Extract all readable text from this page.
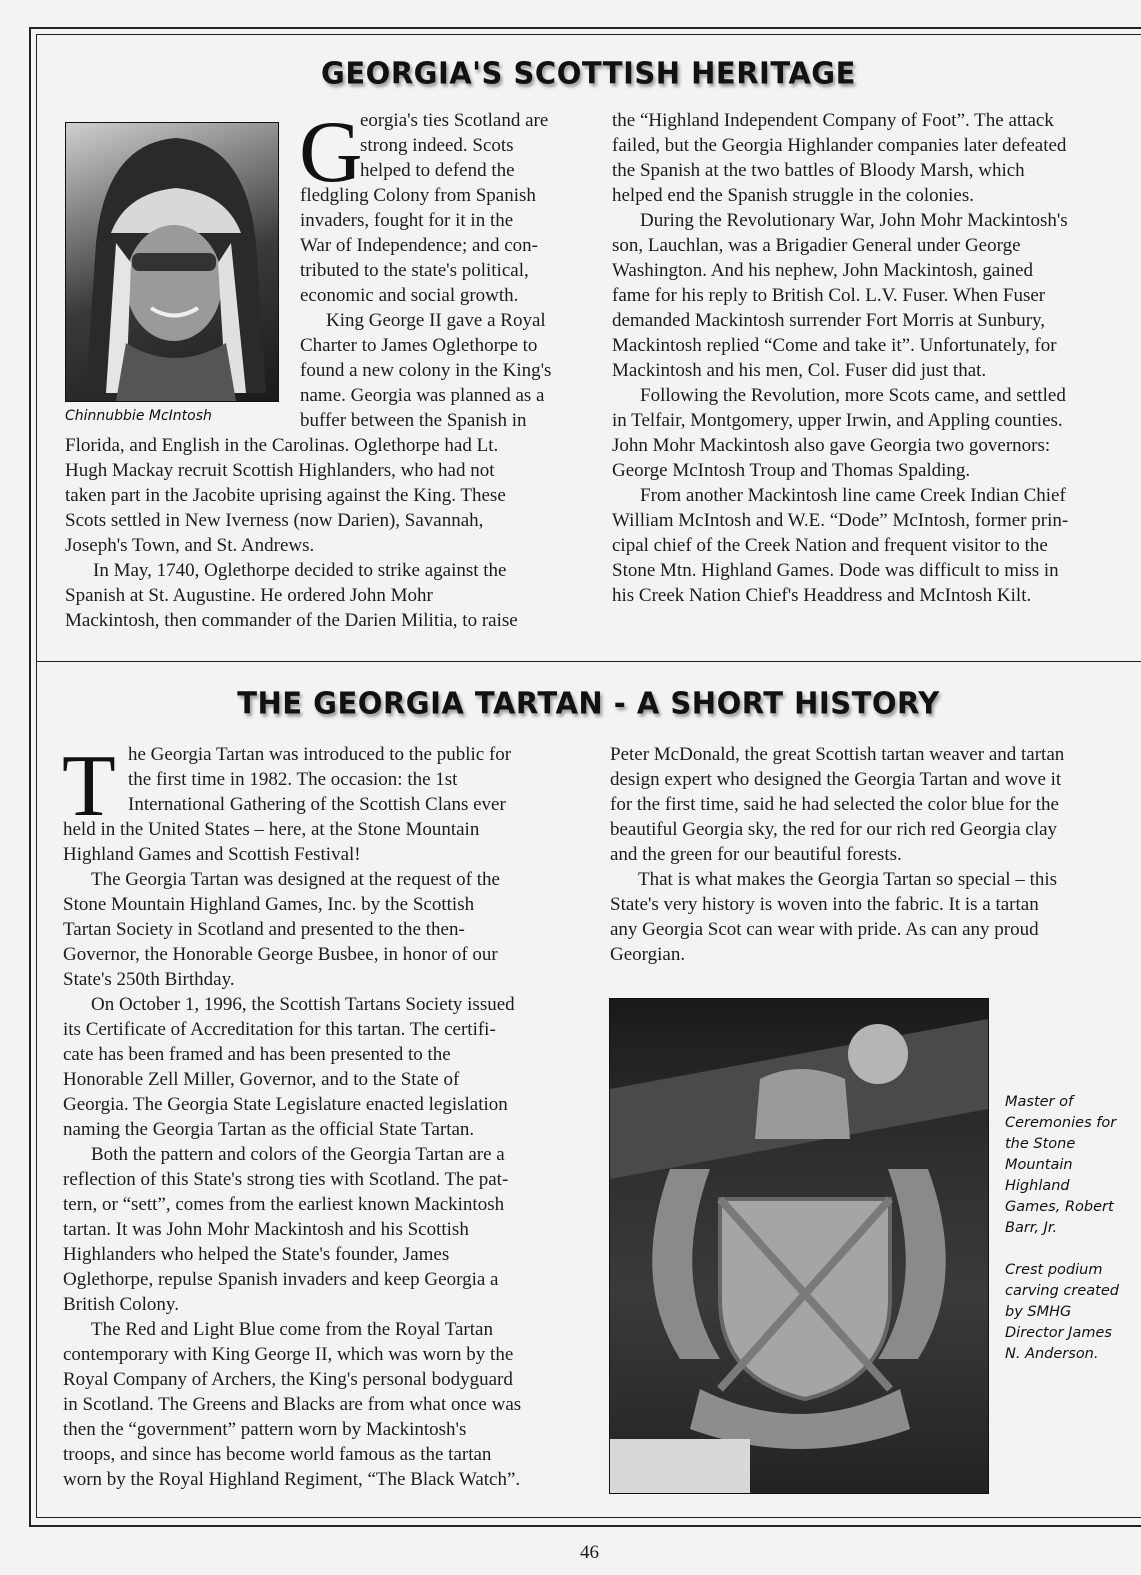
GEORGIA'S SCOTTISH HERITAGE
Chinnubbie McIntosh
G
eorgia's ties Scotland are
strong indeed. Scots
helped to defend the
fledgling Colony from Spanish
invaders, fought for it in the
War of Independence; and con-
tributed to the state's political,
economic and social growth.
King George II gave a Royal
Charter to James Oglethorpe to
found a new colony in the King's
name. Georgia was planned as a
buffer between the Spanish in
Florida, and English in the Carolinas. Oglethorpe had Lt.
Hugh Mackay recruit Scottish Highlanders, who had not
taken part in the Jacobite uprising against the King. These
Scots settled in New Iverness (now Darien), Savannah,
Joseph's Town, and St. Andrews.
In May, 1740, Oglethorpe decided to strike against the
Spanish at St. Augustine. He ordered John Mohr
Mackintosh, then commander of the Darien Militia, to raise
the “Highland Independent Company of Foot”. The attack
failed, but the Georgia Highlander companies later defeated
the Spanish at the two battles of Bloody Marsh, which
helped end the Spanish struggle in the colonies.
During the Revolutionary War, John Mohr Mackintosh's
son, Lauchlan, was a Brigadier General under George
Washington. And his nephew, John Mackintosh, gained
fame for his reply to British Col. L.V. Fuser. When Fuser
demanded Mackintosh surrender Fort Morris at Sunbury,
Mackintosh replied “Come and take it”. Unfortunately, for
Mackintosh and his men, Col. Fuser did just that.
Following the Revolution, more Scots came, and settled
in Telfair, Montgomery, upper Irwin, and Appling counties.
John Mohr Mackintosh also gave Georgia two governors:
George McIntosh Troup and Thomas Spalding.
From another Mackintosh line came Creek Indian Chief
William McIntosh and W.E. “Dode” McIntosh, former prin-
cipal chief of the Creek Nation and frequent visitor to the
Stone Mtn. Highland Games. Dode was difficult to miss in
his Creek Nation Chief's Headdress and McIntosh Kilt.
THE GEORGIA TARTAN - A SHORT HISTORY
T he Georgia Tartan was introduced to the public for
the first time in 1982. The occasion: the 1st
International Gathering of the Scottish Clans ever
held in the United States – here, at the Stone Mountain
Highland Games and Scottish Festival!
The Georgia Tartan was designed at the request of the
Stone Mountain Highland Games, Inc. by the Scottish
Tartan Society in Scotland and presented to the then-
Governor, the Honorable George Busbee, in honor of our
State's 250th Birthday.
On October 1, 1996, the Scottish Tartans Society issued
its Certificate of Accreditation for this tartan. The certifi-
cate has been framed and has been presented to the
Honorable Zell Miller, Governor, and to the State of
Georgia. The Georgia State Legislature enacted legislation
naming the Georgia Tartan as the official State Tartan.
Both the pattern and colors of the Georgia Tartan are a
reflection of this State's strong ties with Scotland. The pat-
tern, or “sett”, comes from the earliest known Mackintosh
tartan. It was John Mohr Mackintosh and his Scottish
Highlanders who helped the State's founder, James
Oglethorpe, repulse Spanish invaders and keep Georgia a
British Colony.
The Red and Light Blue come from the Royal Tartan
contemporary with King George II, which was worn by the
Royal Company of Archers, the King's personal bodyguard
in Scotland. The Greens and Blacks are from what once was
then the “government” pattern worn by Mackintosh's
troops, and since has become world famous as the tartan
worn by the Royal Highland Regiment, “The Black Watch”.
Peter McDonald, the great Scottish tartan weaver and tartan
design expert who designed the Georgia Tartan and wove it
for the first time, said he had selected the color blue for the
beautiful Georgia sky, the red for our rich red Georgia clay
and the green for our beautiful forests.
That is what makes the Georgia Tartan so special – this
State's very history is woven into the fabric. It is a tartan
any Georgia Scot can wear with pride. As can any proud
Georgian.
Master of
Ceremonies for
the Stone
Mountain
Highland
Games, Robert
Barr, Jr.
Crest podium
carving created
by SMHG
Director James
N. Anderson.
46
